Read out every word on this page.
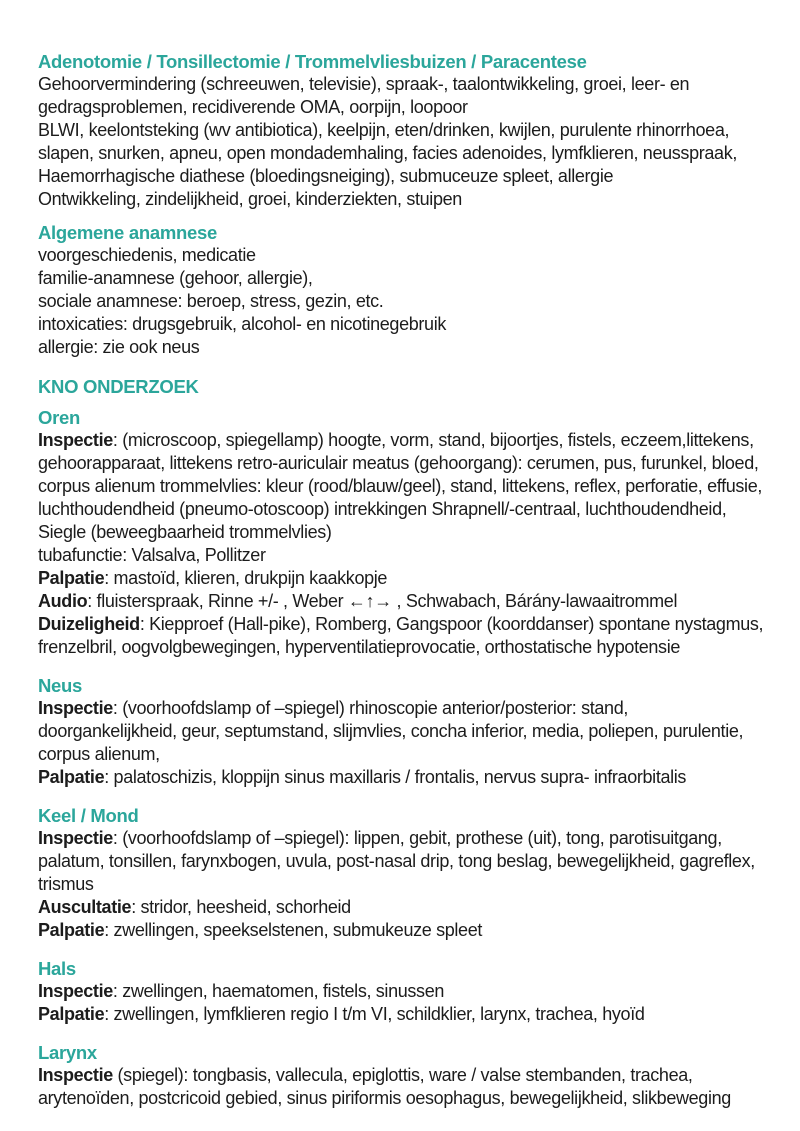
Adenotomie / Tonsillectomie / Trommelvliesbuizen / Paracentese

Gehoorvermindering (schreeuwen, televisie), spraak-, taalontwikkeling, groei, leer- en gedragsproblemen, recidiverende OMA, oorpijn, loopoor

BLWI, keelontsteking (wv antibiotica), keelpijn, eten/drinken, kwijlen, purulente rhinorrhoea, slapen, snurken, apneu, open mondademhaling, facies adenoides, lymfklieren, neusspraak, Haemorrhagische diathese (bloedingsneiging), submuceuze spleet, allergie

Ontwikkeling, zindelijkheid, groei, kinderziekten, stuipen

Algemene anamnese

voorgeschiedenis, medicatie

familie-anamnese (gehoor, allergie),

sociale anamnese: beroep, stress, gezin, etc.

intoxicaties: drugsgebruik, alcohol- en nicotinegebruik

allergie: zie ook neus

KNO ONDERZOEK
Oren

Inspectie: (microscoop, spiegellamp) hoogte, vorm, stand, bijoortjes, fistels, eczeem,littekens, gehoorapparaat, littekens retro-auriculair meatus (gehoorgang): cerumen, pus, furunkel, bloed, corpus alienum trommelvlies: kleur (rood/blauw/geel), stand, littekens, reflex, perforatie, effusie, luchthoudendheid (pneumo-otoscoop) intrekkingen Shrapnell/-centraal, luchthoudendheid, Siegle (beweegbaarheid trommelvlies)

tubafunctie: Valsalva, Pollitzer

Palpatie: mastoïd, klieren, drukpijn kaakkopje

Audio: fluisterspraak, Rinne +/- , Weber ←↑→ , Schwabach, Bárány-lawaaitrommel

Duizeligheid: Kiepproef (Hall-pike), Romberg, Gangspoor (koorddanser) spontane nystagmus, frenzelbril, oogvolgbewegingen, hyperventilatieprovocatie, orthostatische hypotensie

Neus

Inspectie: (voorhoofdslamp of –spiegel) rhinoscopie anterior/posterior: stand, doorgankelijkheid, geur, septumstand, slijmvlies, concha inferior, media, poliepen, purulentie, corpus alienum,

Palpatie: palatoschizis, kloppijn sinus maxillaris / frontalis, nervus supra- infraorbitalis

Keel / Mond

Inspectie: (voorhoofdslamp of –spiegel): lippen, gebit, prothese (uit), tong, parotisuitgang, palatum, tonsillen, farynxbogen, uvula, post-nasal drip, tong beslag, bewegelijkheid, gagreflex, trismus

Auscultatie: stridor, heesheid, schorheid

Palpatie: zwellingen, speekselstenen, submukeuze spleet

Hals

Inspectie: zwellingen, haematomen, fistels, sinussen

Palpatie: zwellingen, lymfklieren regio I t/m VI, schildklier, larynx, trachea, hyoïd

Larynx

Inspectie (spiegel): tongbasis, vallecula, epiglottis, ware / valse stembanden, trachea, arytenoïden, postcricoid gebied, sinus piriformis oesophagus, bewegelijkheid, slikbeweging
